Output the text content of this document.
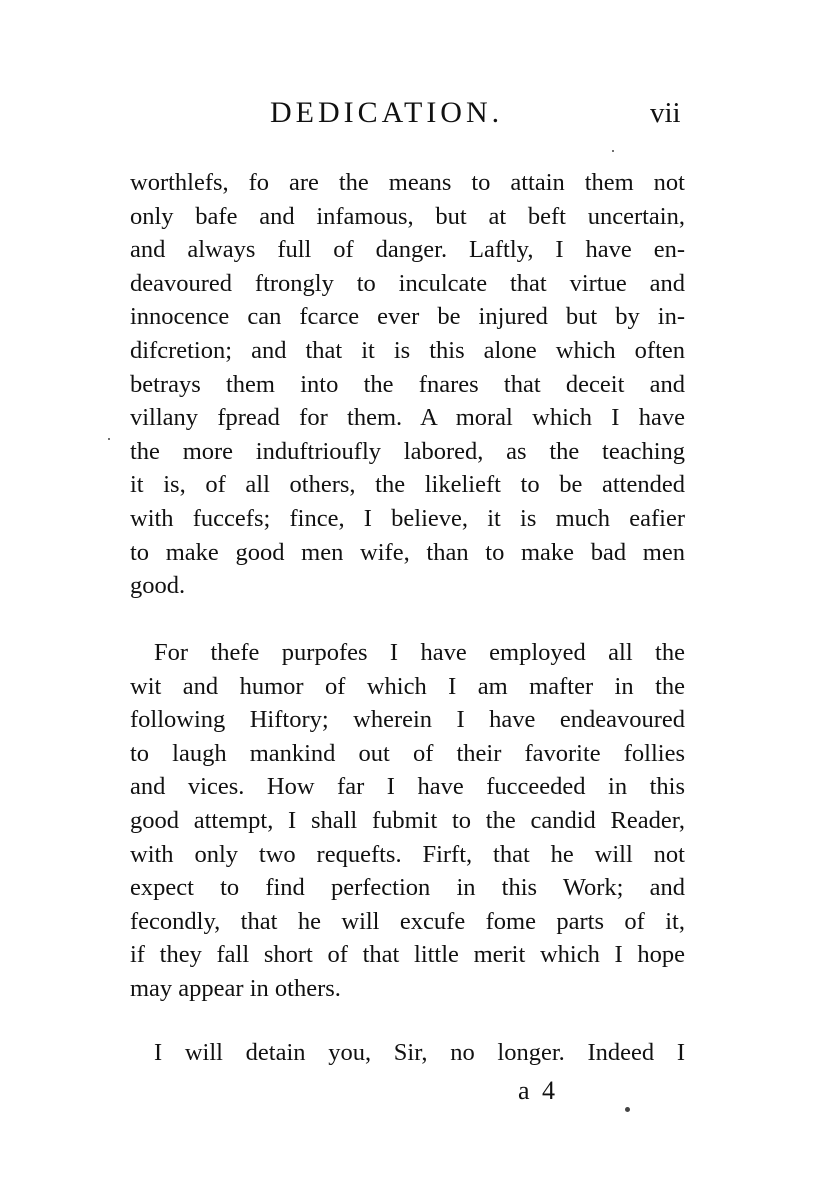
DEDICATION.	vii
worthlefs, fo are the means to attain them not
only bafe and infamous, but at beft uncertain,
and always full of danger. Laftly, I have en-
deavoured ftrongly to inculcate that virtue and
innocence can fcarce ever be injured but by in-
difcretion; and that it is this alone which often
betrays them into the fnares that deceit and
villany fpread for them. A moral which I have
the more induftrioufly labored, as the teaching
it is, of all others, the likelieft to be attended
with fuccefs; fince, I believe, it is much eafier
to make good men wife, than to make bad men
good.
For thefe purpofes I have employed all the
wit and humor of which I am mafter in the
following Hiftory; wherein I have endeavoured
to laugh mankind out of their favorite follies
and vices. How far I have fucceeded in this
good attempt, I shall fubmit to the candid Reader,
with only two requefts. Firft, that he will not
expect to find perfection in this Work; and
fecondly, that he will excufe fome parts of it,
if they fall short of that little merit which I hope
may appear in others.
I will detain you, Sir, no longer. Indeed I
a 4
